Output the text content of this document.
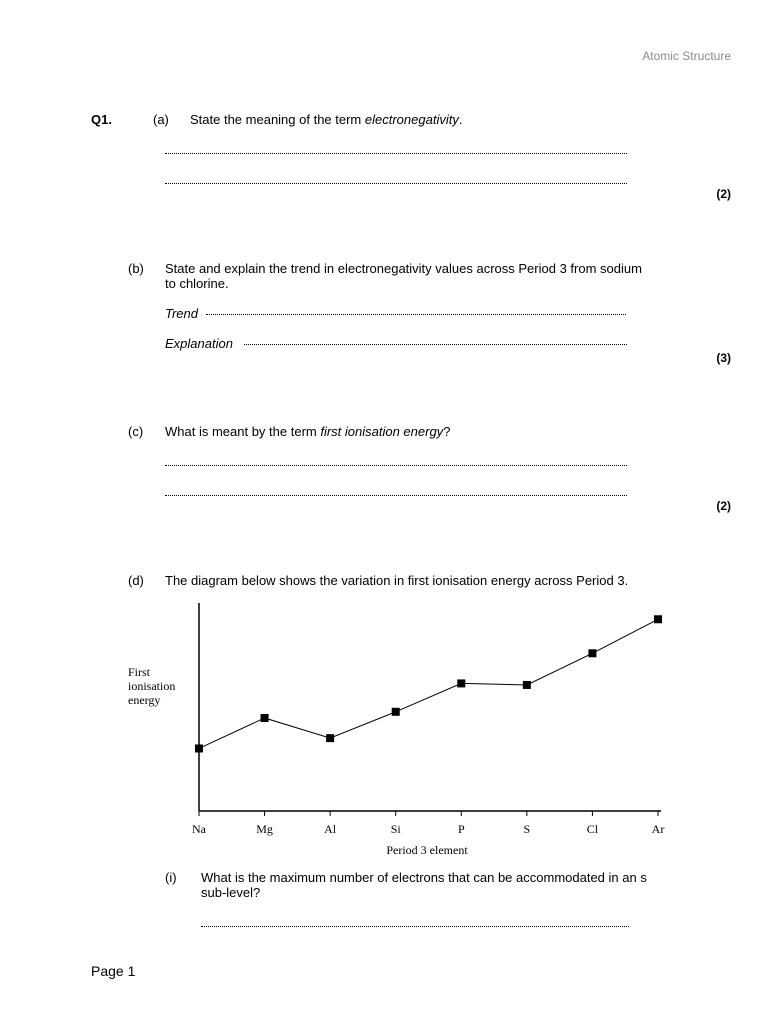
Atomic Structure
Q1.	(a) State the meaning of the term electronegativity.
(2)
(b) State and explain the trend in electronegativity values across Period 3 from sodium
to chlorine.
Trend
Explanation
(3)
(c) What is meant by the term first ionisation energy?
(2)
(d) The diagram below shows the variation in first ionisation energy across Period 3.
First
ionisation
energy
Na	Mg	Al	Si	P	S	Cl	Ar
Period 3 element
(i) What is the maximum number of electrons that can be accommodated in an s
sub-level?
Page 1
